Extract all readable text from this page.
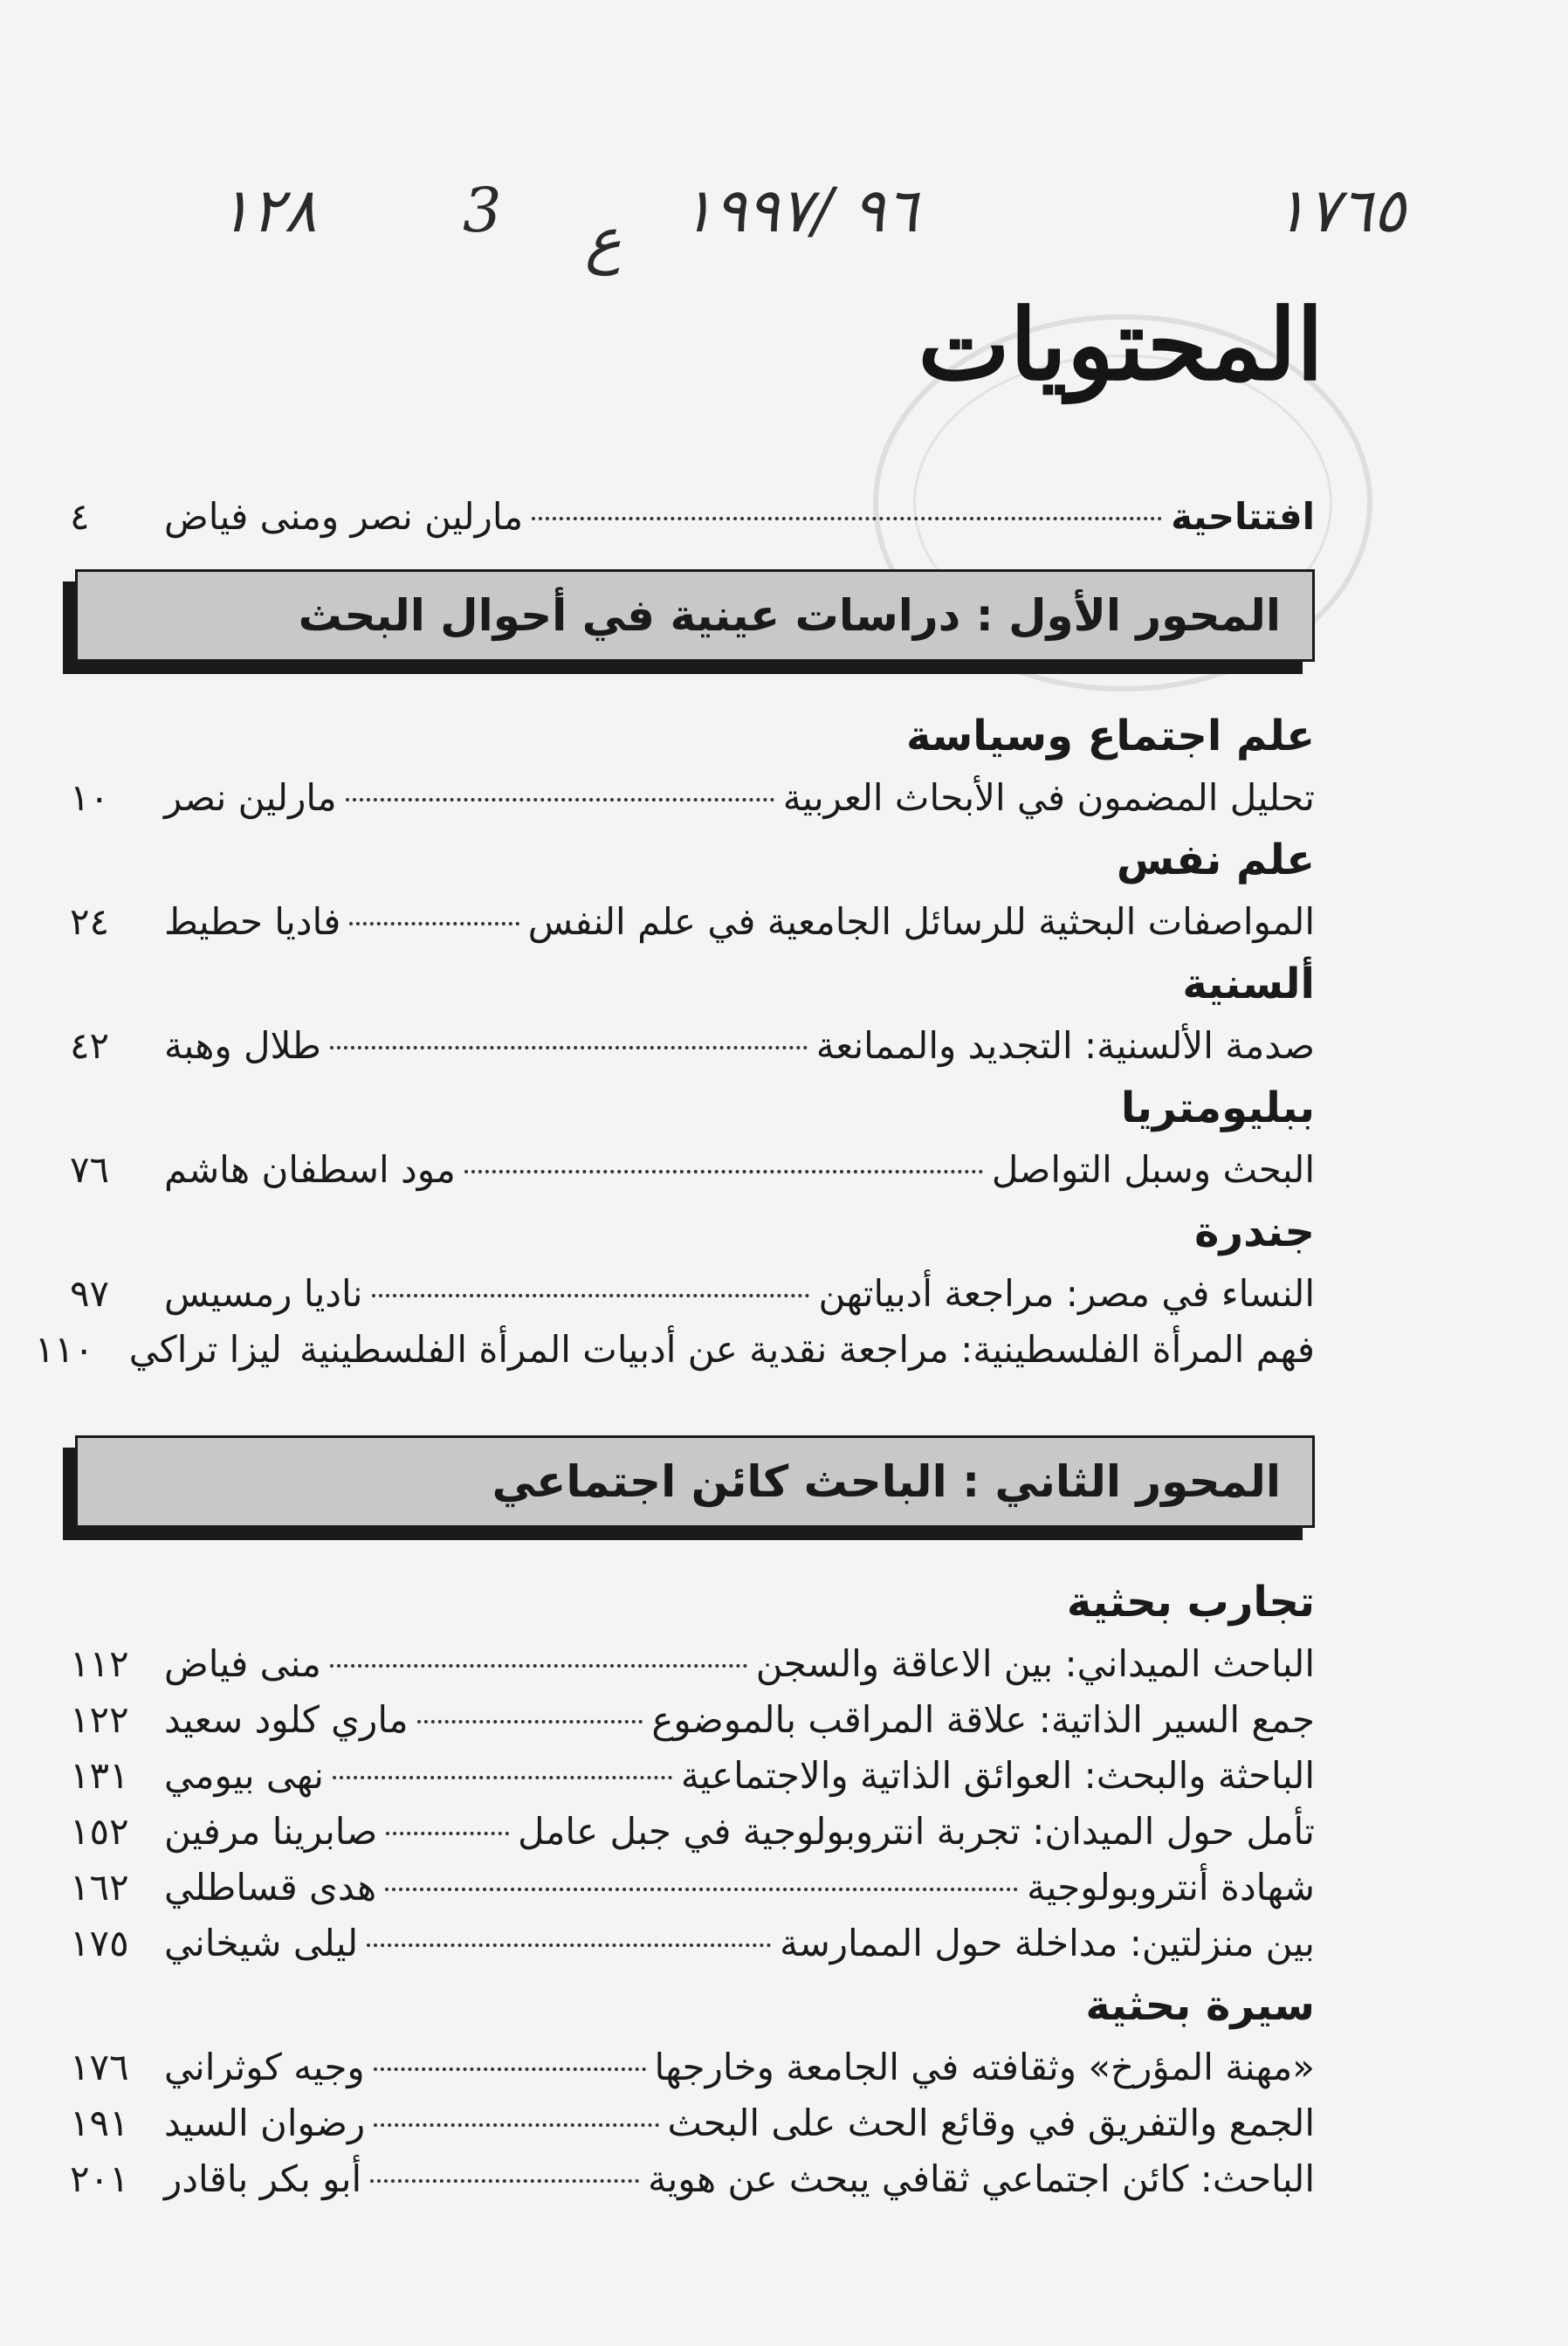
١٧٦٥
٩٦ /١٩٩٧
ع
3
١٢٨
المحتويات
افتتاحية
مارلين نصر ومنى فياض
٤
المحور الأول : دراسات عينية في أحوال البحث
علم اجتماع وسياسة
تحليل المضمون في الأبحاث العربية
مارلين نصر
١٠
علم نفس
المواصفات البحثية للرسائل الجامعية في علم النفس
فاديا حطيط
٢٤
ألسنية
صدمة الألسنية: التجديد والممانعة
طلال وهبة
٤٢
ببليومتريا
البحث وسبل التواصل
مود اسطفان هاشم
٧٦
جندرة
النساء في مصر: مراجعة أدبياتهن
ناديا رمسيس
٩٧
فهم المرأة الفلسطينية: مراجعة نقدية عن أدبيات المرأة الفلسطينية
ليزا تراكي
١١٠
المحور الثاني : الباحث كائن اجتماعي
تجارب بحثية
الباحث الميداني: بين الاعاقة والسجن
منى فياض
١١٢
جمع السير الذاتية: علاقة المراقب بالموضوع
ماري كلود سعيد
١٢٢
الباحثة والبحث: العوائق الذاتية والاجتماعية
نهى بيومي
١٣١
تأمل حول الميدان: تجربة انتروبولوجية في جبل عامل
صابرينا مرفين
١٥٢
شهادة أنتروبولوجية
هدى قساطلي
١٦٢
بين منزلتين: مداخلة حول الممارسة
ليلى شيخاني
١٧٥
سيرة بحثية
«مهنة المؤرخ» وثقافته في الجامعة وخارجها
وجيه كوثراني
١٧٦
الجمع والتفريق في وقائع الحث على البحث
رضوان السيد
١٩١
الباحث: كائن اجتماعي ثقافي يبحث عن هوية
أبو بكر باقادر
٢٠١
